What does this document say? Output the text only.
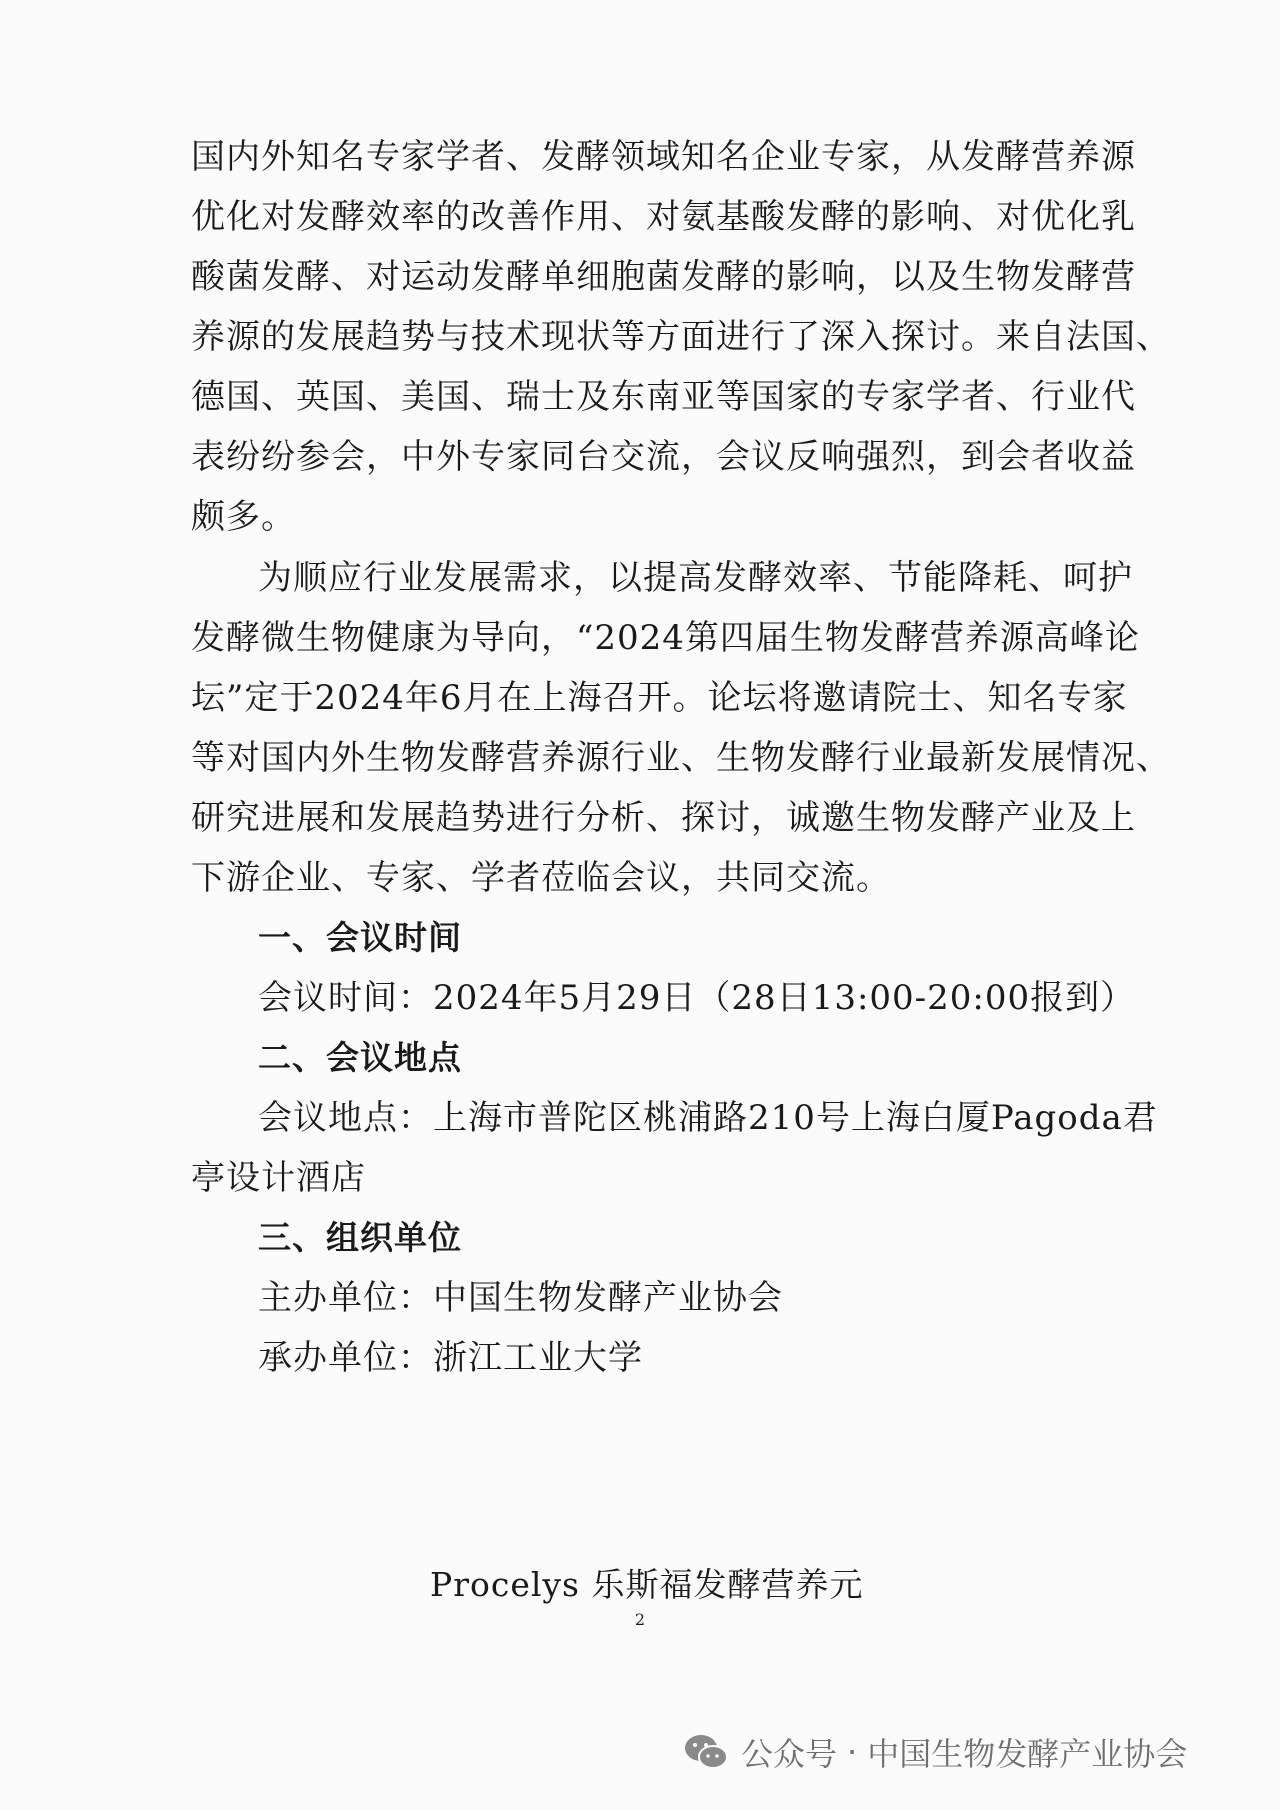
国内外知名专家学者、发酵领域知名企业专家，从发酵营养源
优化对发酵效率的改善作用、对氨基酸发酵的影响、对优化乳
酸菌发酵、对运动发酵单细胞菌发酵的影响，以及生物发酵营
养源的发展趋势与技术现状等方面进行了深入探讨。来自法国、
德国、英国、美国、瑞士及东南亚等国家的专家学者、行业代
表纷纷参会，中外专家同台交流，会议反响强烈，到会者收益
颇多。
为顺应行业发展需求，以提高发酵效率、节能降耗、呵护
发酵微生物健康为导向，“2024第四届生物发酵营养源高峰论
坛”定于2024年6月在上海召开。论坛将邀请院士、知名专家
等对国内外生物发酵营养源行业、生物发酵行业最新发展情况、
研究进展和发展趋势进行分析、探讨，诚邀生物发酵产业及上
下游企业、专家、学者莅临会议，共同交流。
一、会议时间
会议时间：2024年5月29日（28日13:00-20:00报到）
二、会议地点
会议地点：上海市普陀区桃浦路210号上海白厦Pagoda君
亭设计酒店
三、组织单位
主办单位：中国生物发酵产业协会
承办单位：浙江工业大学
Procelys 乐斯福发酵营养元
2
公众号 · 中国生物发酵产业协会
